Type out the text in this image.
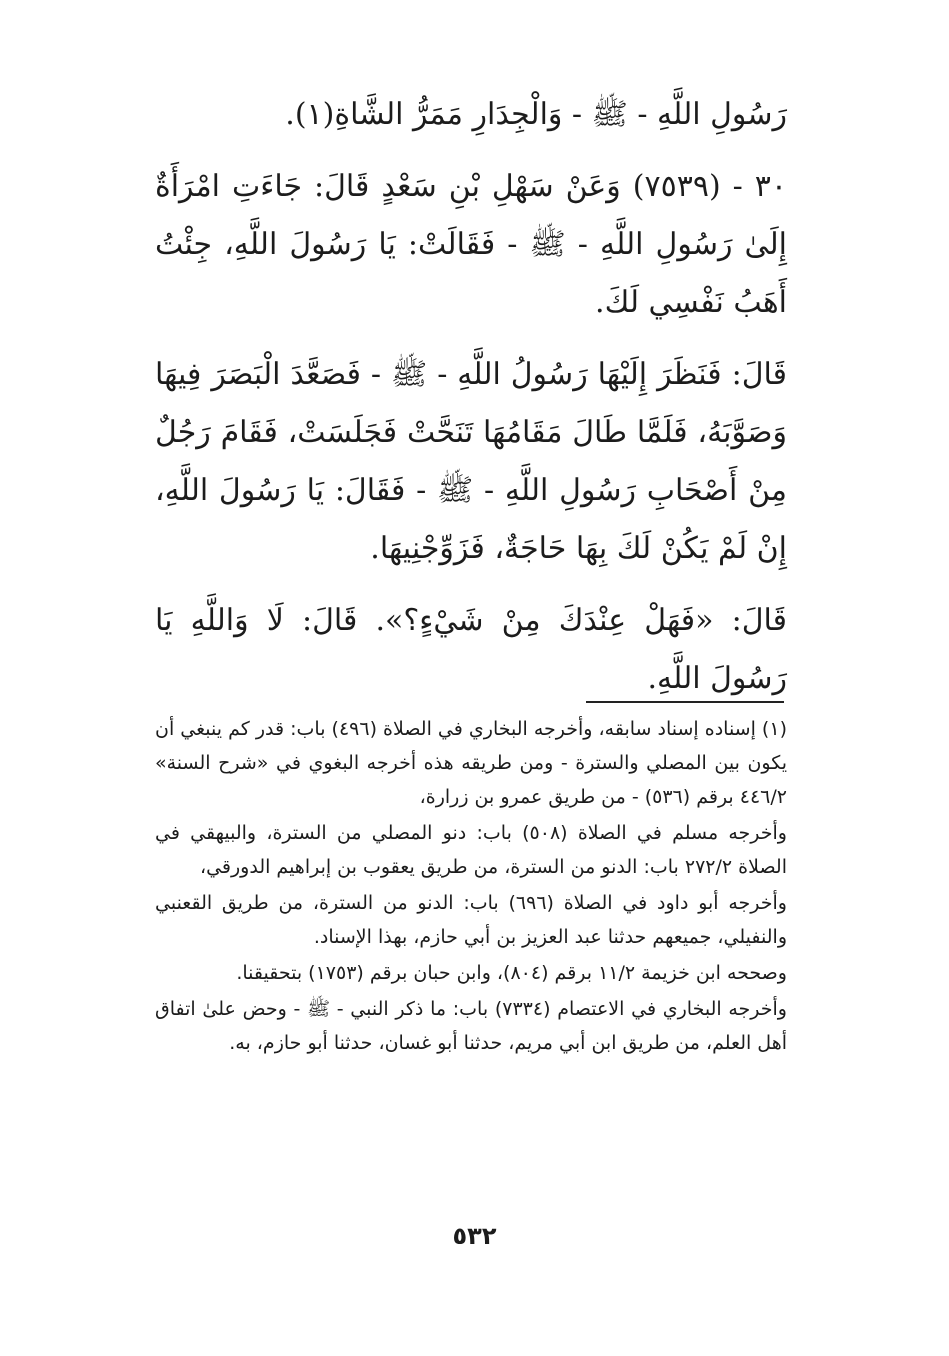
رَسُولِ اللَّهِ - ﷺ - وَالْجِدَارِ مَمَرُّ الشَّاةِ(١).

٣٠ - (٧٥٣٩) وَعَنْ سَهْلِ بْنِ سَعْدٍ قَالَ: جَاءَتِ امْرَأَةٌ إِلَىٰ رَسُولِ اللَّهِ - ﷺ - فَقَالَتْ: يَا رَسُولَ اللَّهِ، جِئْتُ أَهَبُ نَفْسِي لَكَ.

قَالَ: فَنَظَرَ إِلَيْهَا رَسُولُ اللَّهِ - ﷺ - فَصَعَّدَ الْبَصَرَ فِيهَا وَصَوَّبَهُ، فَلَمَّا طَالَ مَقَامُهَا تَنَحَّتْ فَجَلَسَتْ، فَقَامَ رَجُلٌ مِنْ أَصْحَابِ رَسُولِ اللَّهِ - ﷺ - فَقَالَ: يَا رَسُولَ اللَّهِ، إِنْ لَمْ يَكُنْ لَكَ بِهَا حَاجَةٌ، فَزَوِّجْنِيهَا.

قَالَ: «فَهَلْ عِنْدَكَ مِنْ شَيْءٍ؟». قَالَ: لَا وَاللَّهِ يَا رَسُولَ اللَّهِ.

(١) إسناده إسناد سابقه، وأخرجه البخاري في الصلاة (٤٩٦) باب: قدر كم ينبغي أن يكون بين المصلي والسترة - ومن طريقه هذه أخرجه البغوي في «شرح السنة» ٤٤٦/٢ برقم (٥٣٦) - من طريق عمرو بن زرارة،

وأخرجه مسلم في الصلاة (٥٠٨) باب: دنو المصلي من السترة، والبيهقي في الصلاة ٢٧٢/٢ باب: الدنو من السترة، من طريق يعقوب بن إبراهيم الدورقي،

وأخرجه أبو داود في الصلاة (٦٩٦) باب: الدنو من السترة، من طريق القعنبي والنفيلي، جميعهم حدثنا عبد العزيز بن أبي حازم، بهذا الإسناد.

وصححه ابن خزيمة ١١/٢ برقم (٨٠٤)، وابن حبان برقم (١٧٥٣) بتحقيقنا.

وأخرجه البخاري في الاعتصام (٧٣٣٤) باب: ما ذكر النبي - ﷺ - وحض علىٰ اتفاق أهل العلم، من طريق ابن أبي مريم، حدثنا أبو غسان، حدثنا أبو حازم، به.

٥٣٢
